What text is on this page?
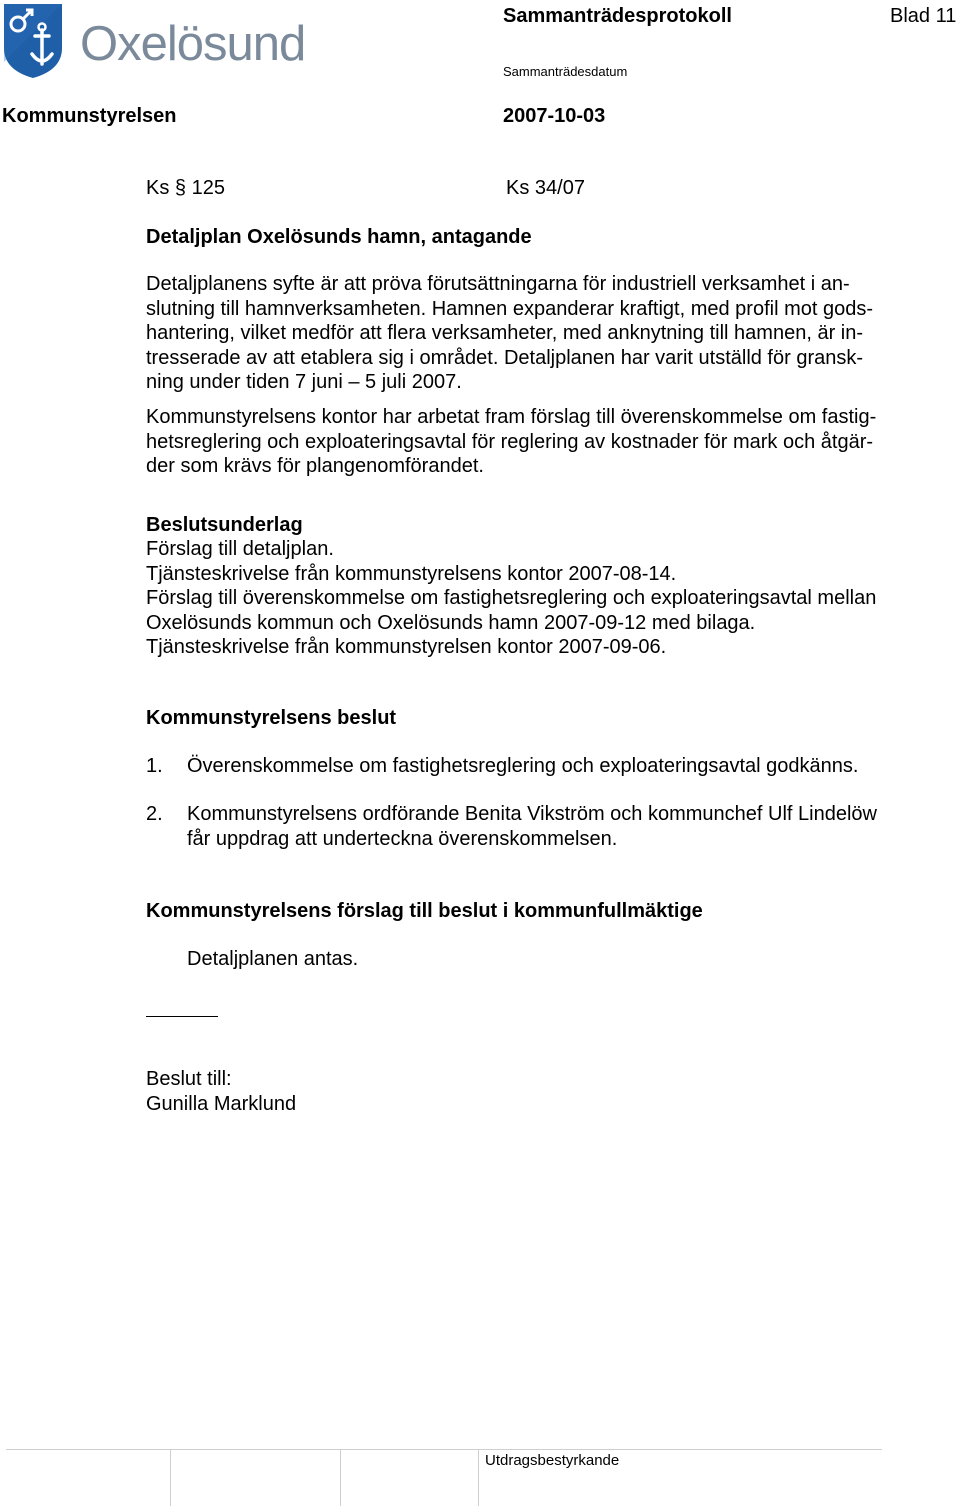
Oxelösund
Sammanträdesprotokoll	Blad 11
Sammanträdesdatum
Kommunstyrelsen	2007-10-03
Ks § 125	Ks 34/07
Detaljplan Oxelösunds hamn, antagande
Detaljplanens syfte är att pröva förutsättningarna för industriell verksamhet i an-
slutning till hamnverksamheten. Hamnen expanderar kraftigt, med profil mot gods-
hantering, vilket medför att flera verksamheter, med anknytning till hamnen, är in-
tresserade av att etablera sig i området. Detaljplanen har varit utställd för gransk-
ning under tiden 7 juni – 5 juli 2007.
Kommunstyrelsens kontor har arbetat fram förslag till överenskommelse om fastig-
hetsreglering och exploateringsavtal för reglering av kostnader för mark och åtgär-
der som krävs för plangenomförandet.
Beslutsunderlag
Förslag till detaljplan.
Tjänsteskrivelse från kommunstyrelsens kontor 2007-08-14.
Förslag till överenskommelse om fastighetsreglering och exploateringsavtal mellan
Oxelösunds kommun och Oxelösunds hamn 2007-09-12 med bilaga.
Tjänsteskrivelse från kommunstyrelsen kontor 2007-09-06.
Kommunstyrelsens beslut
1. Överenskommelse om fastighetsreglering och exploateringsavtal godkänns.
2. Kommunstyrelsens ordförande Benita Vikström och kommunchef Ulf Lindelöw
får uppdrag att underteckna överenskommelsen.
Kommunstyrelsens förslag till beslut i kommunfullmäktige
Detaljplanen antas.
Beslut till:
Gunilla Marklund
Utdragsbestyrkande
